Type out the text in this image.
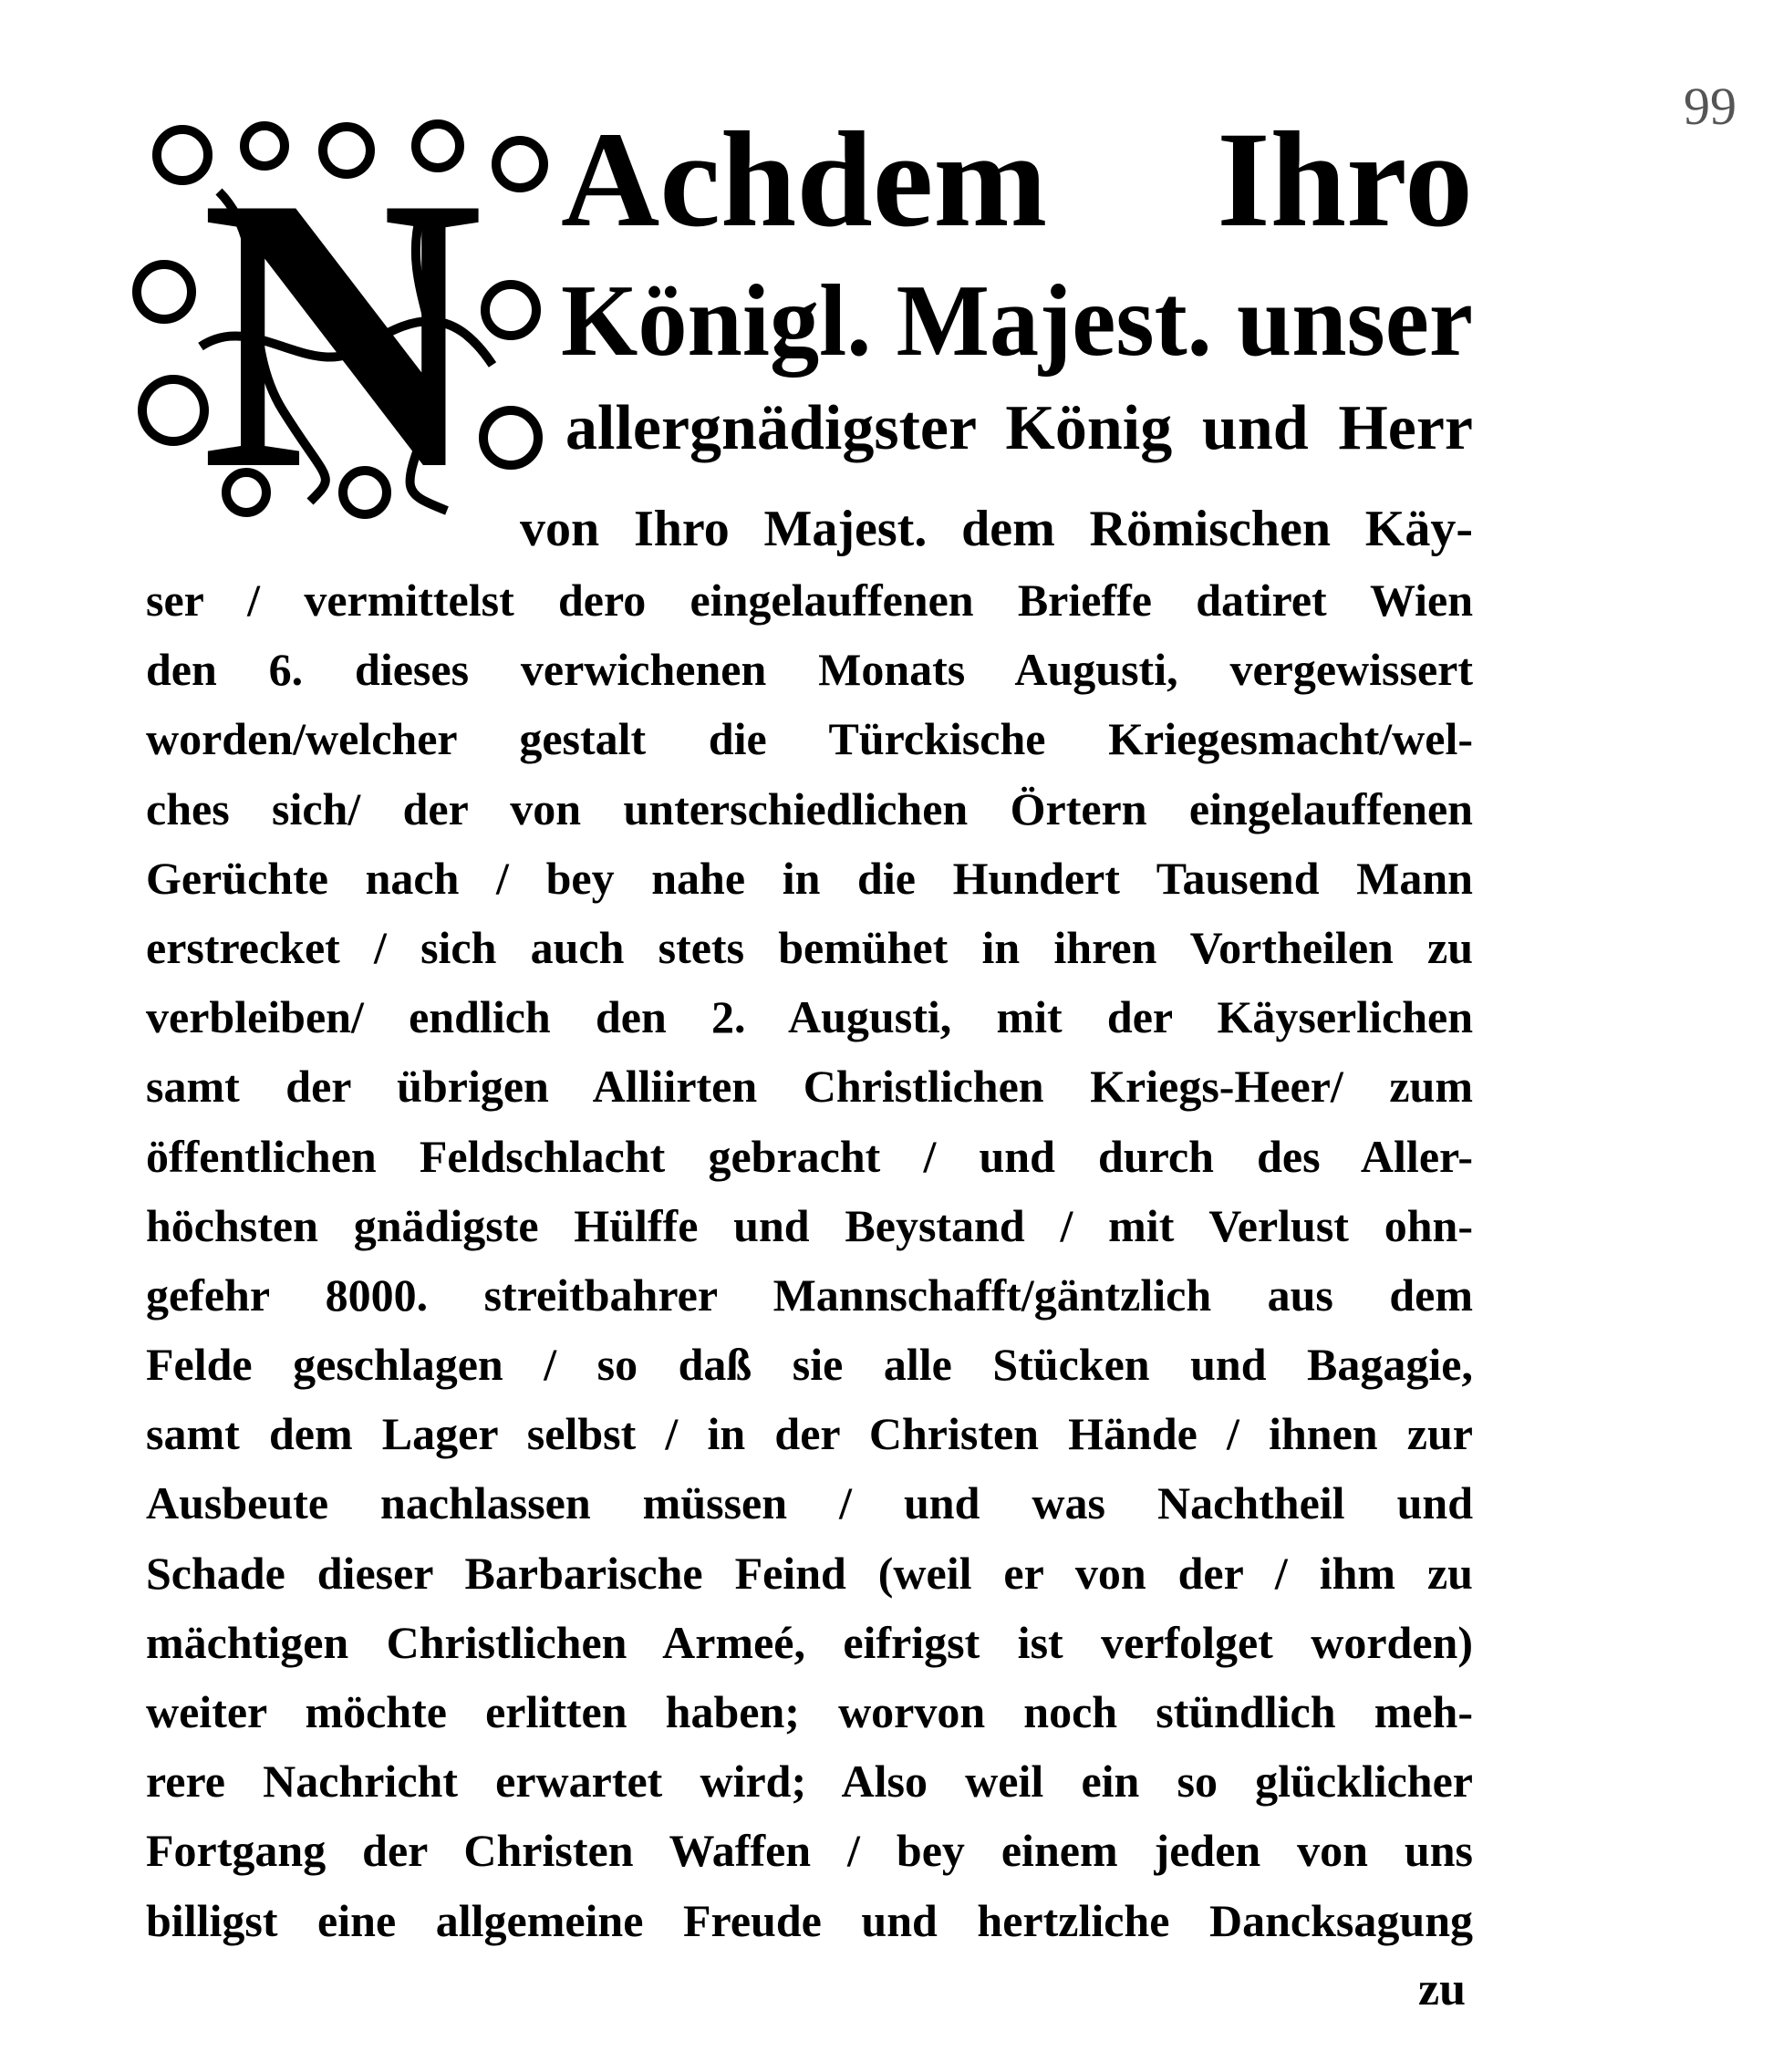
99
N Achdem Ihro
Königl. Majest. unser
allergnädigster König und Herr
von Ihro Majest. dem Römischen Käy-
ser / vermittelst dero eingelauffenen Brieffe datiret Wien
den 6. dieses verwichenen Monats Augusti, vergewissert
worden/welcher gestalt die Türckische Kriegesmacht/wel-
ches sich/ der von unterschiedlichen Örtern eingelauffenen
Gerüchte nach / bey nahe in die Hundert Tausend Mann
erstrecket / sich auch stets bemühet in ihren Vortheilen zu
verbleiben/ endlich den 2. Augusti, mit der Käyserlichen
samt der übrigen Alliirten Christlichen Kriegs-Heer/ zum
öffentlichen Feldschlacht gebracht / und durch des Aller-
höchsten gnädigste Hülffe und Beystand / mit Verlust ohn-
gefehr 8000. streitbahrer Mannschafft/gäntzlich aus dem
Felde geschlagen / so daß sie alle Stücken und Bagagie,
samt dem Lager selbst / in der Christen Hände / ihnen zur
Ausbeute nachlassen müssen / und was Nachtheil und
Schade dieser Barbarische Feind (weil er von der / ihm zu
mächtigen Christlichen Armeé, eifrigst ist verfolget worden)
weiter möchte erlitten haben; worvon noch stündlich meh-
rere Nachricht erwartet wird; Also weil ein so glücklicher
Fortgang der Christen Waffen / bey einem jeden von uns
billigst eine allgemeine Freude und hertzliche Dancksagung
zu
